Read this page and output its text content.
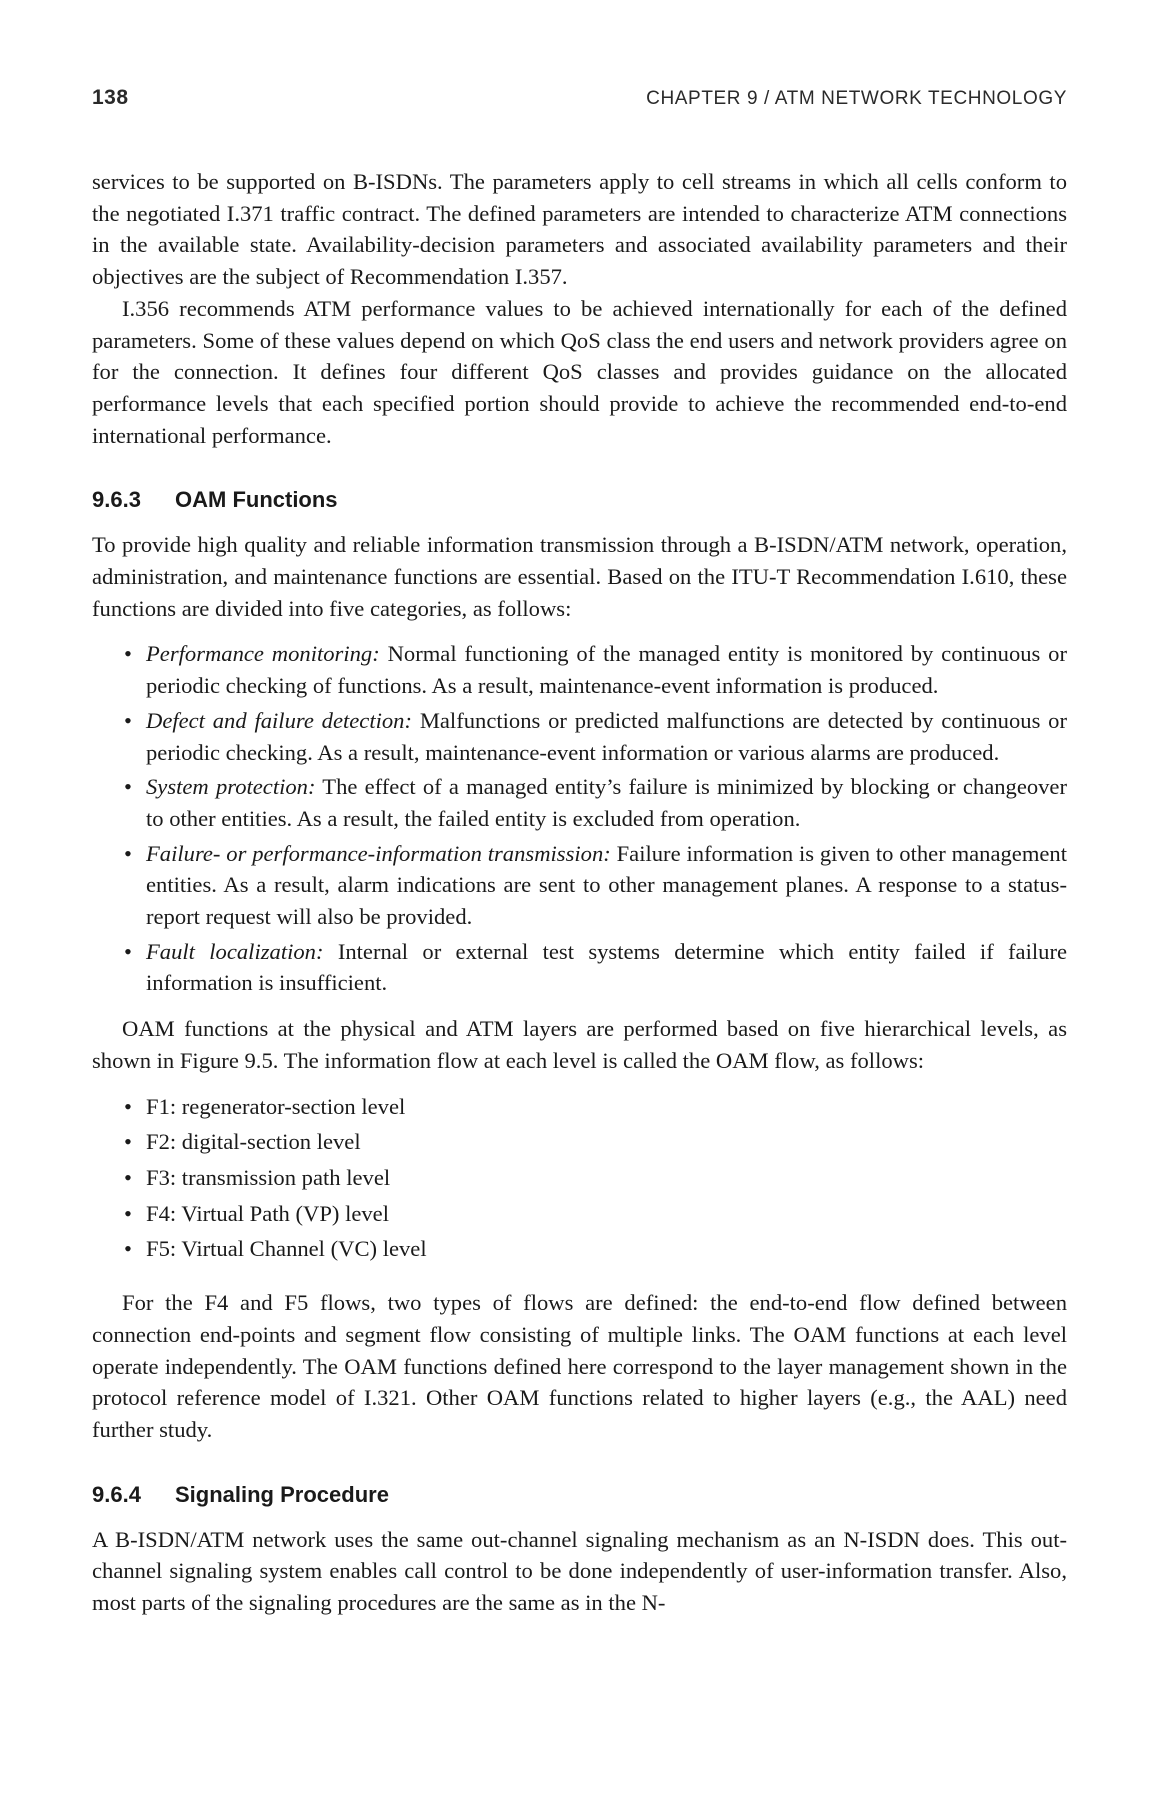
138	CHAPTER 9 / ATM NETWORK TECHNOLOGY

services to be supported on B-ISDNs. The parameters apply to cell streams in which all cells conform to the negotiated I.371 traffic contract. The defined parameters are intended to characterize ATM connections in the available state. Availability-decision parameters and associated availability parameters and their objectives are the subject of Recommendation I.357.

I.356 recommends ATM performance values to be achieved internationally for each of the defined parameters. Some of these values depend on which QoS class the end users and network providers agree on for the connection. It defines four different QoS classes and provides guidance on the allocated performance levels that each specified portion should provide to achieve the recommended end-to-end international performance.

9.6.3 OAM Functions

To provide high quality and reliable information transmission through a B-ISDN/ATM network, operation, administration, and maintenance functions are essential. Based on the ITU-T Recommendation I.610, these functions are divided into five categories, as follows:

• Performance monitoring: Normal functioning of the managed entity is monitored by continuous or periodic checking of functions. As a result, maintenance-event information is produced.
• Defect and failure detection: Malfunctions or predicted malfunctions are detected by continuous or periodic checking. As a result, maintenance-event information or various alarms are produced.
• System protection: The effect of a managed entity’s failure is minimized by blocking or changeover to other entities. As a result, the failed entity is excluded from operation.
• Failure- or performance-information transmission: Failure information is given to other management entities. As a result, alarm indications are sent to other management planes. A response to a status-report request will also be provided.
• Fault localization: Internal or external test systems determine which entity failed if failure information is insufficient.

OAM functions at the physical and ATM layers are performed based on five hierarchical levels, as shown in Figure 9.5. The information flow at each level is called the OAM flow, as follows:

• F1: regenerator-section level
• F2: digital-section level
• F3: transmission path level
• F4: Virtual Path (VP) level
• F5: Virtual Channel (VC) level

For the F4 and F5 flows, two types of flows are defined: the end-to-end flow defined between connection end-points and segment flow consisting of multiple links. The OAM functions at each level operate independently. The OAM functions defined here correspond to the layer management shown in the protocol reference model of I.321. Other OAM functions related to higher layers (e.g., the AAL) need further study.

9.6.4 Signaling Procedure

A B-ISDN/ATM network uses the same out-channel signaling mechanism as an N-ISDN does. This out-channel signaling system enables call control to be done independently of user-information transfer. Also, most parts of the signaling procedures are the same as in the N-
